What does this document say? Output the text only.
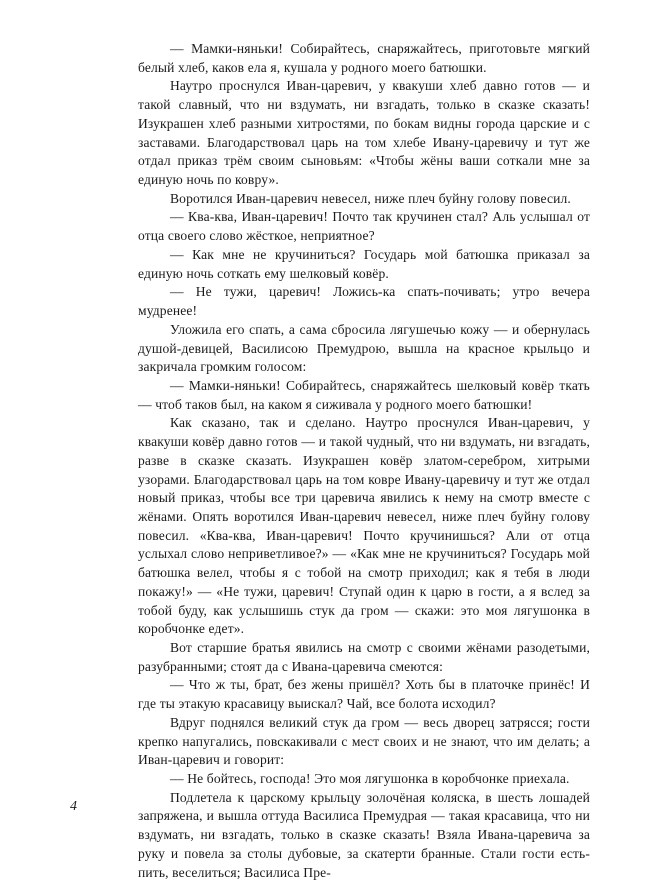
— Мамки-няньки! Собирайтесь, снаряжайтесь, приготовьте мягкий белый хлеб, каков ела я, кушала у родного моего батюшки.

Наутро проснулся Иван-царевич, у квакуши хлеб давно готов — и такой славный, что ни вздумать, ни взгадать, только в сказке сказать! Изукрашен хлеб разными хитростями, по бокам видны города царские и с заставами. Благодарствовал царь на том хлебе Ивану-царевичу и тут же отдал приказ трём своим сыновьям: «Чтобы жёны ваши соткали мне за единую ночь по ковру».

Воротился Иван-царевич невесел, ниже плеч буйну голову повесил.

— Ква-ква, Иван-царевич! Почто так кручинен стал? Аль услышал от отца своего слово жёсткое, неприятное?

— Как мне не кручиниться? Государь мой батюшка приказал за единую ночь соткать ему шелковый ковёр.

— Не тужи, царевич! Ложись-ка спать-почивать; утро вечера мудренее!

Уложила его спать, а сама сбросила лягушечью кожу — и обернулась душой-девицей, Василисою Премудрою, вышла на красное крыльцо и закричала громким голосом:

— Мамки-няньки! Собирайтесь, снаряжайтесь шелковый ковёр ткать — чтоб таков был, на каком я сиживала у родного моего батюшки!

Как сказано, так и сделано. Наутро проснулся Иван-царевич, у квакуши ковёр давно готов — и такой чудный, что ни вздумать, ни взгадать, разве в сказке сказать. Изукрашен ковёр златом-серебром, хитрыми узорами. Благодарствовал царь на том ковре Ивану-царевичу и тут же отдал новый приказ, чтобы все три царевича явились к нему на смотр вместе с жёнами. Опять воротился Иван-царевич невесел, ниже плеч буйну голову повесил. «Ква-ква, Иван-царевич! Почто кручинишься? Али от отца услыхал слово неприветливое?» — «Как мне не кручиниться? Государь мой батюшка велел, чтобы я с тобой на смотр приходил; как я тебя в люди покажу!» — «Не тужи, царевич! Ступай один к царю в гости, а я вслед за тобой буду, как услышишь стук да гром — скажи: это моя лягушонка в коробчонке едет».

Вот старшие братья явились на смотр с своими жёнами разодетыми, разубранными; стоят да с Ивана-царевича смеются:

— Что ж ты, брат, без жены пришёл? Хоть бы в платочке принёс! И где ты этакую красавицу выискал? Чай, все болота исходил?

Вдруг поднялся великий стук да гром — весь дворец затрясся; гости крепко напугались, повскакивали с мест своих и не знают, что им делать; а Иван-царевич и говорит:

— Не бойтесь, господа! Это моя лягушонка в коробчонке приехала.

Подлетела к царскому крыльцу золочёная коляска, в шесть лошадей запряжена, и вышла оттуда Василиса Премудрая — такая красавица, что ни вздумать, ни взгадать, только в сказке сказать! Взяла Ивана-царевича за руку и повела за столы дубовые, за скатерти бранные. Стали гости есть-пить, веселиться; Василиса Пре-

4
